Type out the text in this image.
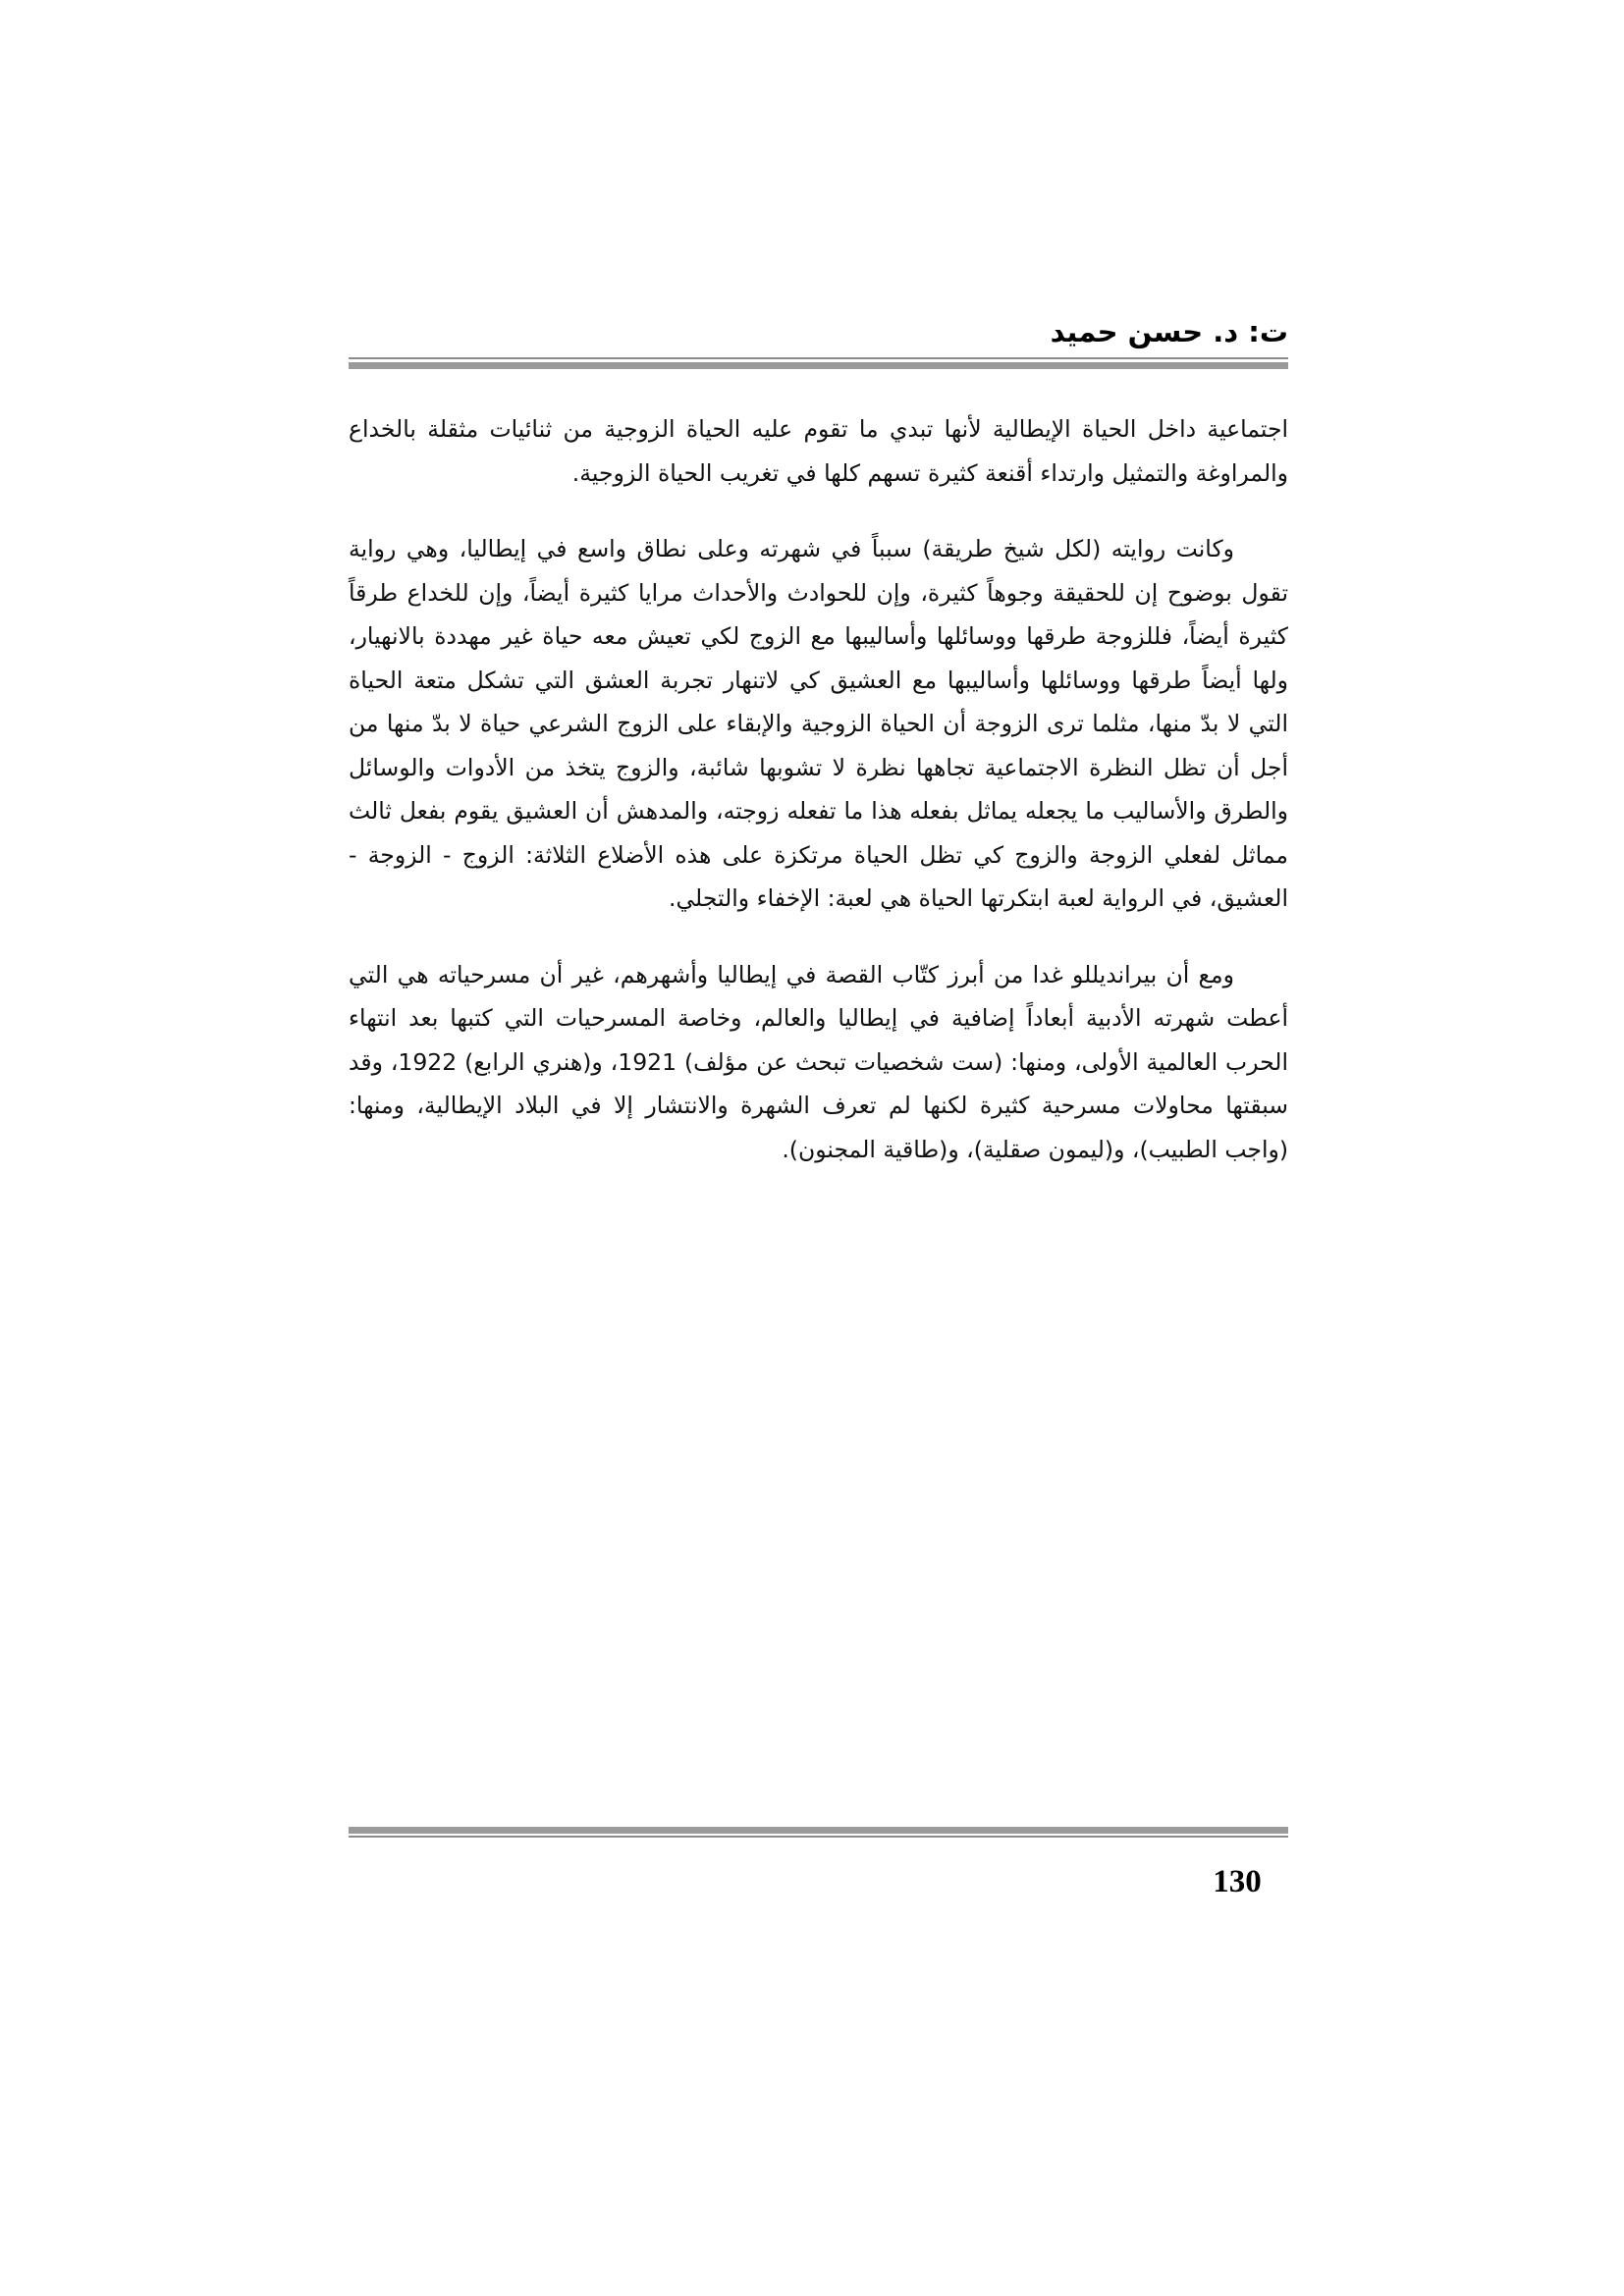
ت: د. حسن حميد

اجتماعية داخل الحياة الإيطالية لأنها تبدي ما تقوم عليه الحياة الزوجية من ثنائيات مثقلة بالخداع والمراوغة والتمثيل وارتداء أقنعة كثيرة تسهم كلها في تغريب الحياة الزوجية.

وكانت روايته (لكل شيخ طريقة) سبباً في شهرته وعلى نطاق واسع في إيطاليا، وهي رواية تقول بوضوح إن للحقيقة وجوهاً كثيرة، وإن للحوادث والأحداث مرايا كثيرة أيضاً، وإن للخداع طرقاً كثيرة أيضاً، فللزوجة طرقها ووسائلها وأساليبها مع الزوج لكي تعيش معه حياة غير مهددة بالانهيار، ولها أيضاً طرقها ووسائلها وأساليبها مع العشيق كي لاتنهار تجربة العشق التي تشكل متعة الحياة التي لا بدّ منها، مثلما ترى الزوجة أن الحياة الزوجية والإبقاء على الزوج الشرعي حياة لا بدّ منها من أجل أن تظل النظرة الاجتماعية تجاهها نظرة لا تشوبها شائبة، والزوج يتخذ من الأدوات والوسائل والطرق والأساليب ما يجعله يماثل بفعله هذا ما تفعله زوجته، والمدهش أن العشيق يقوم بفعل ثالث مماثل لفعلي الزوجة والزوج كي تظل الحياة مرتكزة على هذه الأضلاع الثلاثة: الزوج - الزوجة - العشيق، في الرواية لعبة ابتكرتها الحياة هي لعبة: الإخفاء والتجلي.

ومع أن بيرانديللو غدا من أبرز كتّاب القصة في إيطاليا وأشهرهم، غير أن مسرحياته هي التي أعطت شهرته الأدبية أبعاداً إضافية في إيطاليا والعالم، وخاصة المسرحيات التي كتبها بعد انتهاء الحرب العالمية الأولى، ومنها: (ست شخصيات تبحث عن مؤلف) 1921، و(هنري الرابع) 1922، وقد سبقتها محاولات مسرحية كثيرة لكنها لم تعرف الشهرة والانتشار إلا في البلاد الإيطالية، ومنها: (واجب الطبيب)، و(ليمون صقلية)، و(طاقية المجنون).

130
